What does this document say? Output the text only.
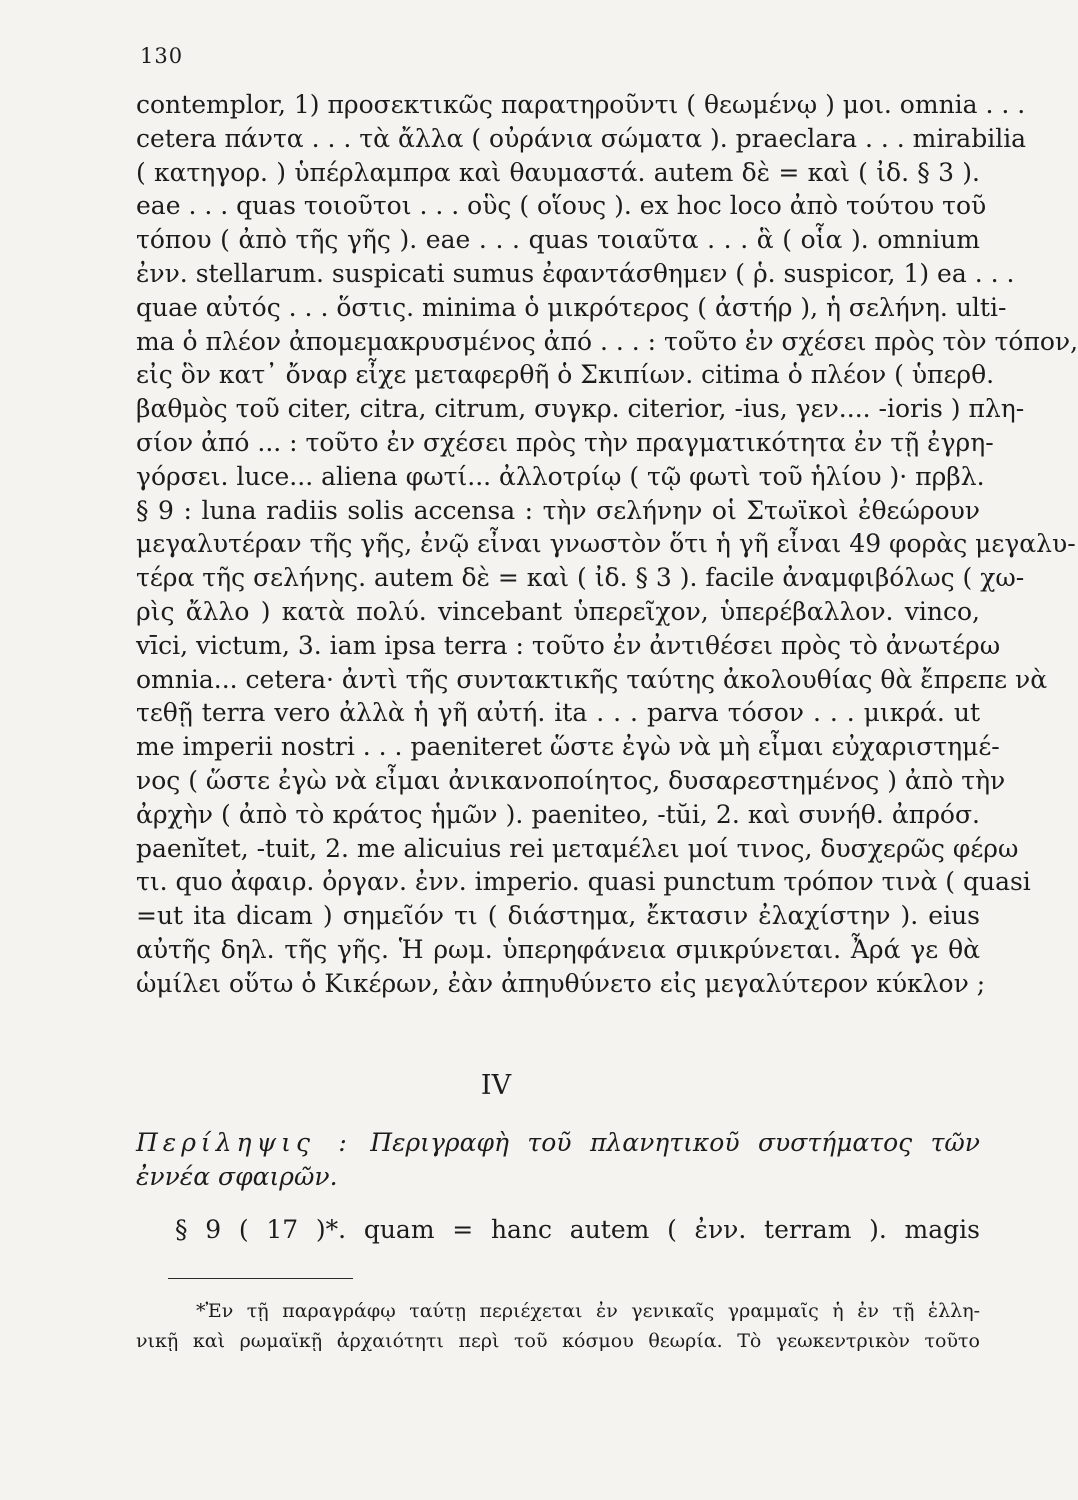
130
contemplor, 1) προσεκτικῶς παρατηροῦντι ( θεωμένῳ ) μοι. omnia . . .
cetera πάντα . . . τὰ ἄλλα ( οὐράνια σώματα ). praeclara . . . mirabilia
( κατηγορ. ) ὑπέρλαμπρα καὶ θαυμαστά. autem δὲ = καὶ ( ἰδ. § 3 ).
eae . . . quas τοιοῦτοι . . . οὓς ( οἵους ). ex hoc loco ἀπὸ τούτου τοῦ
τόπου ( ἀπὸ τῆς γῆς ). eae . . . quas τοιαῦτα . . . ἃ ( οἷα ). omnium
ἐνν. stellarum. suspicati sumus ἐφαντάσθημεν ( ῥ. suspicor, 1) ea . . .
quae αὐτός . . . ὅστις. minima ὁ μικρότερος ( ἀστήρ ), ἡ σελήνη. ulti-
ma ὁ πλέον ἀπομεμακρυσμένος ἀπό . . . : τοῦτο ἐν σχέσει πρὸς τὸν τόπον,
εἰς ὃν κατ᾿ ὄναρ εἶχε μεταφερθῆ ὁ Σκιπίων. citima ὁ πλέον ( ὑπερθ.
βαθμὸς τοῦ citer, citra, citrum, συγκρ. citerior, -ius, γεν.... -ioris ) πλη-
σίον ἀπό ... : τοῦτο ἐν σχέσει πρὸς τὴν πραγματικότητα ἐν τῇ ἐγρη-
γόρσει. luce... aliena φωτί... ἀλλοτρίῳ ( τῷ φωτὶ τοῦ ἡλίου )· πρβλ.
§ 9 : luna radiis solis accensa : τὴν σελήνην οἱ Στωϊκοὶ ἐθεώρουν
μεγαλυτέραν τῆς γῆς, ἐνῷ εἶναι γνωστὸν ὅτι ἡ γῆ εἶναι 49 φορὰς μεγαλυ-
τέρα τῆς σελήνης. autem δὲ = καὶ ( ἰδ. § 3 ). facile ἀναμφιβόλως ( χω-
ρὶς ἄλλο ) κατὰ πολύ. vincebant ὑπερεῖχον, ὑπερέβαλλον. vinco,
vīci, victum, 3. iam ipsa terra : τοῦτο ἐν ἀντιθέσει πρὸς τὸ ἀνωτέρω
omnia... cetera· ἀντὶ τῆς συντακτικῆς ταύτης ἀκολουθίας θὰ ἔπρεπε νὰ
τεθῇ terra vero ἀλλὰ ἡ γῆ αὐτή. ita . . . parva τόσον . . . μικρά. ut
me imperii nostri . . . paeniteret ὥστε ἐγὼ νὰ μὴ εἶμαι εὐχαριστημέ-
νος ( ὥστε ἐγὼ νὰ εἶμαι ἀνικανοποίητος, δυσαρεστημένος ) ἀπὸ τὴν
ἀρχὴν ( ἀπὸ τὸ κράτος ἡμῶν ). paeniteo, -tŭi, 2. καὶ συνήθ. ἀπρόσ.
paenĭtet, -tuit, 2. me alicuius rei μεταμέλει μοί τινος, δυσχερῶς φέρω
τι. quo ἀφαιρ. ὀργαν. ἐνν. imperio. quasi punctum τρόπον τινὰ ( quasi
=ut ita dicam ) σημεῖόν τι ( διάστημα, ἔκτασιν ἐλαχίστην ). eius
αὐτῆς δηλ. τῆς γῆς. Ἡ ρωμ. ὑπερηφάνεια σμικρύνεται. Ἆρά γε θὰ
ὡμίλει οὕτω ὁ Κικέρων, ἐὰν ἀπηυθύνετο εἰς μεγαλύτερον κύκλον ;
IV
Περίληψις : Περιγραφὴ τοῦ πλανητικοῦ συστήματος τῶν
ἐννέα σφαιρῶν.
§ 9 ( 17 )*. quam = hanc autem ( ἐνν. terram ). magis
*Ἐν τῇ παραγράφῳ ταύτῃ περιέχεται ἐν γενικαῖς γραμμαῖς ἡ ἐν τῇ ἑλλη-
νικῇ καὶ ρωμαϊκῇ ἀρχαιότητι περὶ τοῦ κόσμου θεωρία. Τὸ γεωκεντρικὸν τοῦτο
